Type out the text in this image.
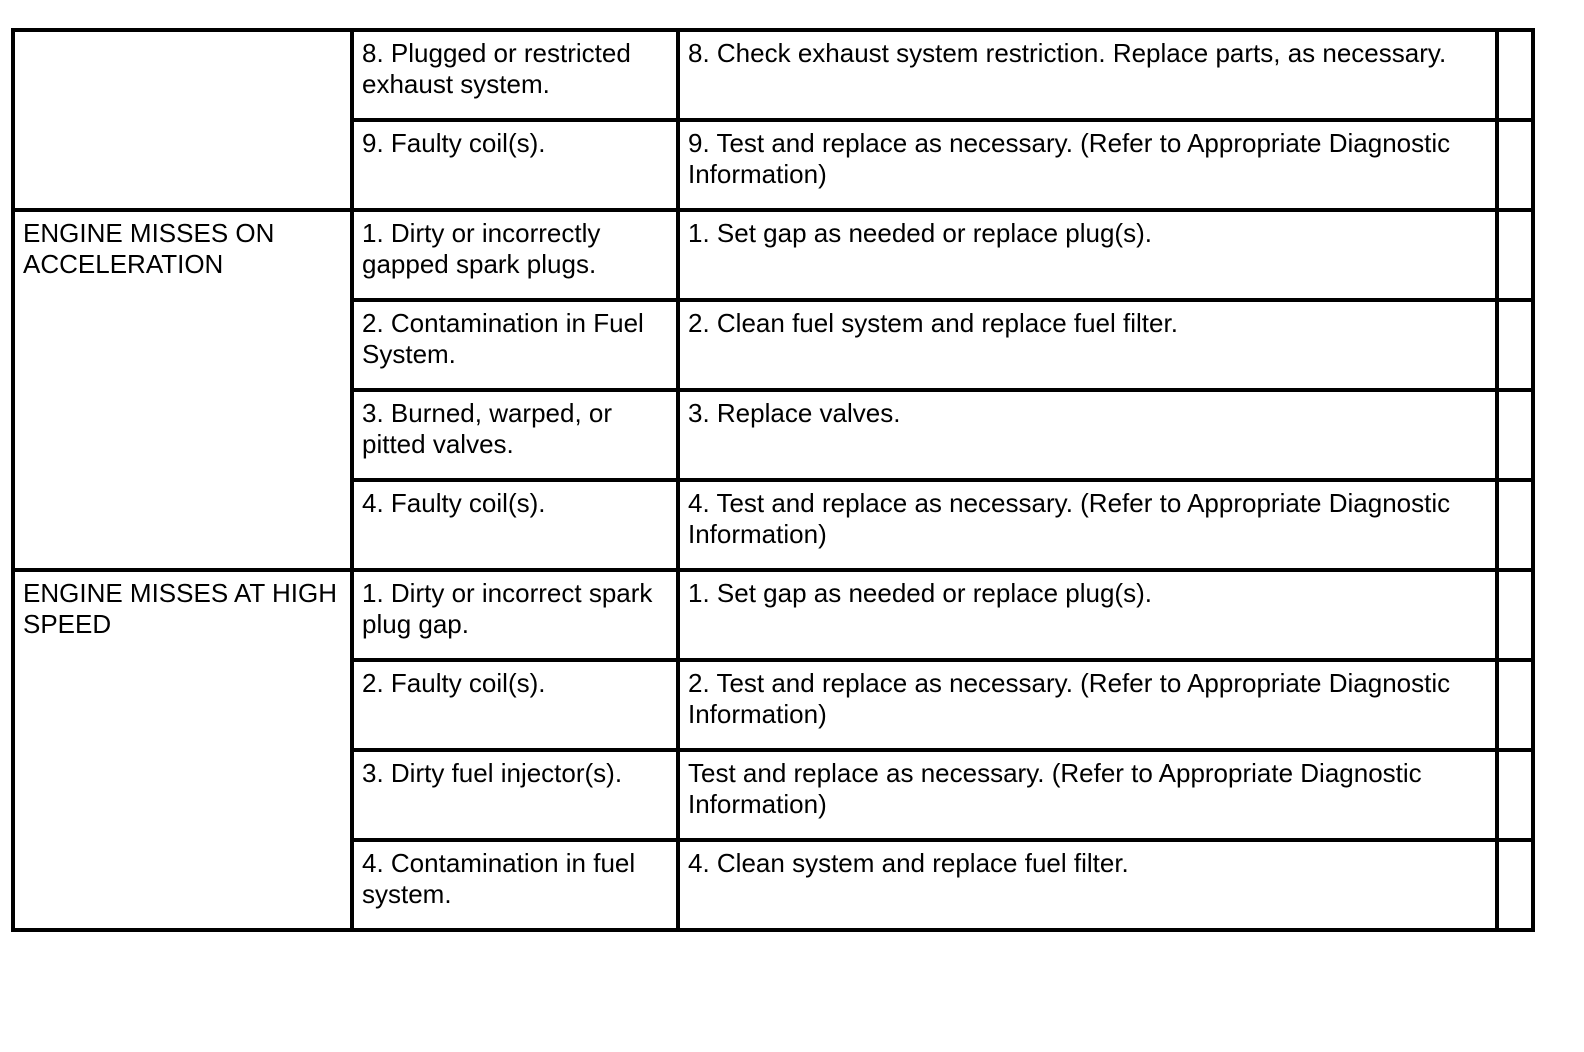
	8. Plugged or restricted exhaust system.	8. Check exhaust system restriction. Replace parts, as necessary.	
	9. Faulty coil(s).	9. Test and replace as necessary. (Refer to Appropriate Diagnostic Information)	
ENGINE MISSES ON ACCELERATION	1. Dirty or incorrectly gapped spark plugs.	1. Set gap as needed or replace plug(s).	
	2. Contamination in Fuel System.	2. Clean fuel system and replace fuel filter.	
	3. Burned, warped, or pitted valves.	3. Replace valves.	
	4. Faulty coil(s).	4. Test and replace as necessary. (Refer to Appropriate Diagnostic Information)	
ENGINE MISSES AT HIGH SPEED	1. Dirty or incorrect spark plug gap.	1. Set gap as needed or replace plug(s).	
	2. Faulty coil(s).	2. Test and replace as necessary. (Refer to Appropriate Diagnostic Information)	
	3. Dirty fuel injector(s).	Test and replace as necessary. (Refer to Appropriate Diagnostic Information)	
	4. Contamination in fuel system.	4. Clean system and replace fuel filter.	
